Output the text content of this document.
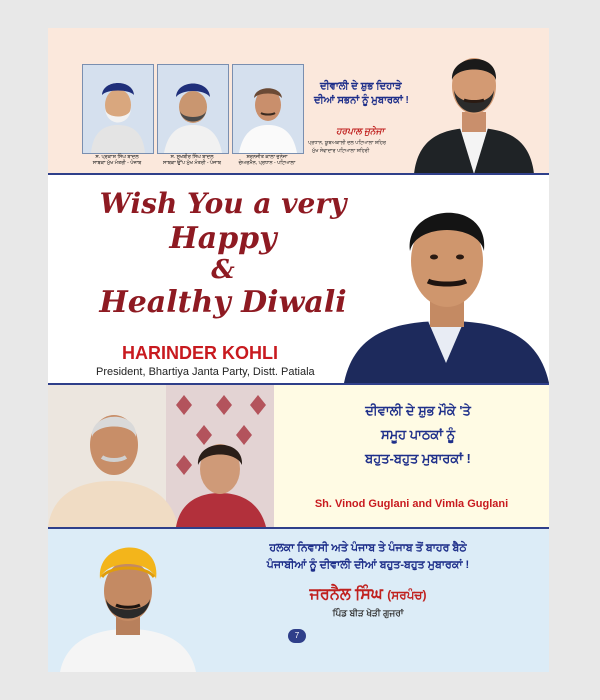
ਸ. ਪ੍ਰਕਾਸ਼ ਸਿੰਘ ਬਾਦਲ
ਸਾਬਕਾ ਮੁੱਖ ਮੰਤਰੀ - ਪੰਜਾਬ
ਸ. ਸੁਖਬੀਰ ਸਿੰਘ ਬਾਦਲ
ਸਾਬਕਾ ਉੱਪ ਮੁੱਖ ਮੰਤਰੀ - ਪੰਜਾਬ
ਸ਼ਰਨਜੀਤ ਕਾਲਾ ਜੁਨੇਜਾ
ਚੇਅਰਮੈਨ, ਪ੍ਰਧਾਨ - ਪਟਿਆਲਾ
ਦੀਵਾਲੀ ਦੇ ਸ਼ੁਭ ਦਿਹਾੜੇ
ਦੀਆਂ ਸਭਨਾਂ ਨੂੰ ਮੁਬਾਰਕਾਂ !
ਹਰਪਾਲ ਜੁਨੇਜਾ
ਪ੍ਰਧਾਨ, ਯੂਥਅਕਾਲੀ ਦਲ ਪਟਿਆਲਾ ਸ਼ਹਿਰ
ਮੁੱਖ ਸੇਵਾਦਾਰ ਪਟਿਆਲਾ ਸ਼ਹਿਰੀ
Wish You a very
Happy
&
Healthy Diwali
HARINDER KOHLI
President, Bhartiya Janta Party, Distt. Patiala
ਦੀਵਾਲੀ ਦੇ ਸ਼ੁਭ ਮੌਕੇ 'ਤੇ
ਸਮੂਹ ਪਾਠਕਾਂ ਨੂੰ
ਬਹੁਤ-ਬਹੁਤ ਮੁਬਾਰਕਾਂ !
Sh. Vinod Guglani and Vimla Guglani
ਹਲਕਾ ਨਿਵਾਸੀ ਅਤੇ ਪੰਜਾਬ ਤੇ ਪੰਜਾਬ ਤੋਂ ਬਾਹਰ ਬੈਠੇ
ਪੰਜਾਬੀਆਂ ਨੂੰ ਦੀਵਾਲੀ ਦੀਆਂ ਬਹੁਤ-ਬਹੁਤ ਮੁਬਾਰਕਾਂ !
ਜਰਨੈਲ ਸਿੰਘ (ਸਰਪੰਚ)
ਪਿੰਡ ਬੀੜ ਖੇੜੀ ਗੁਜਰਾਂ
7
